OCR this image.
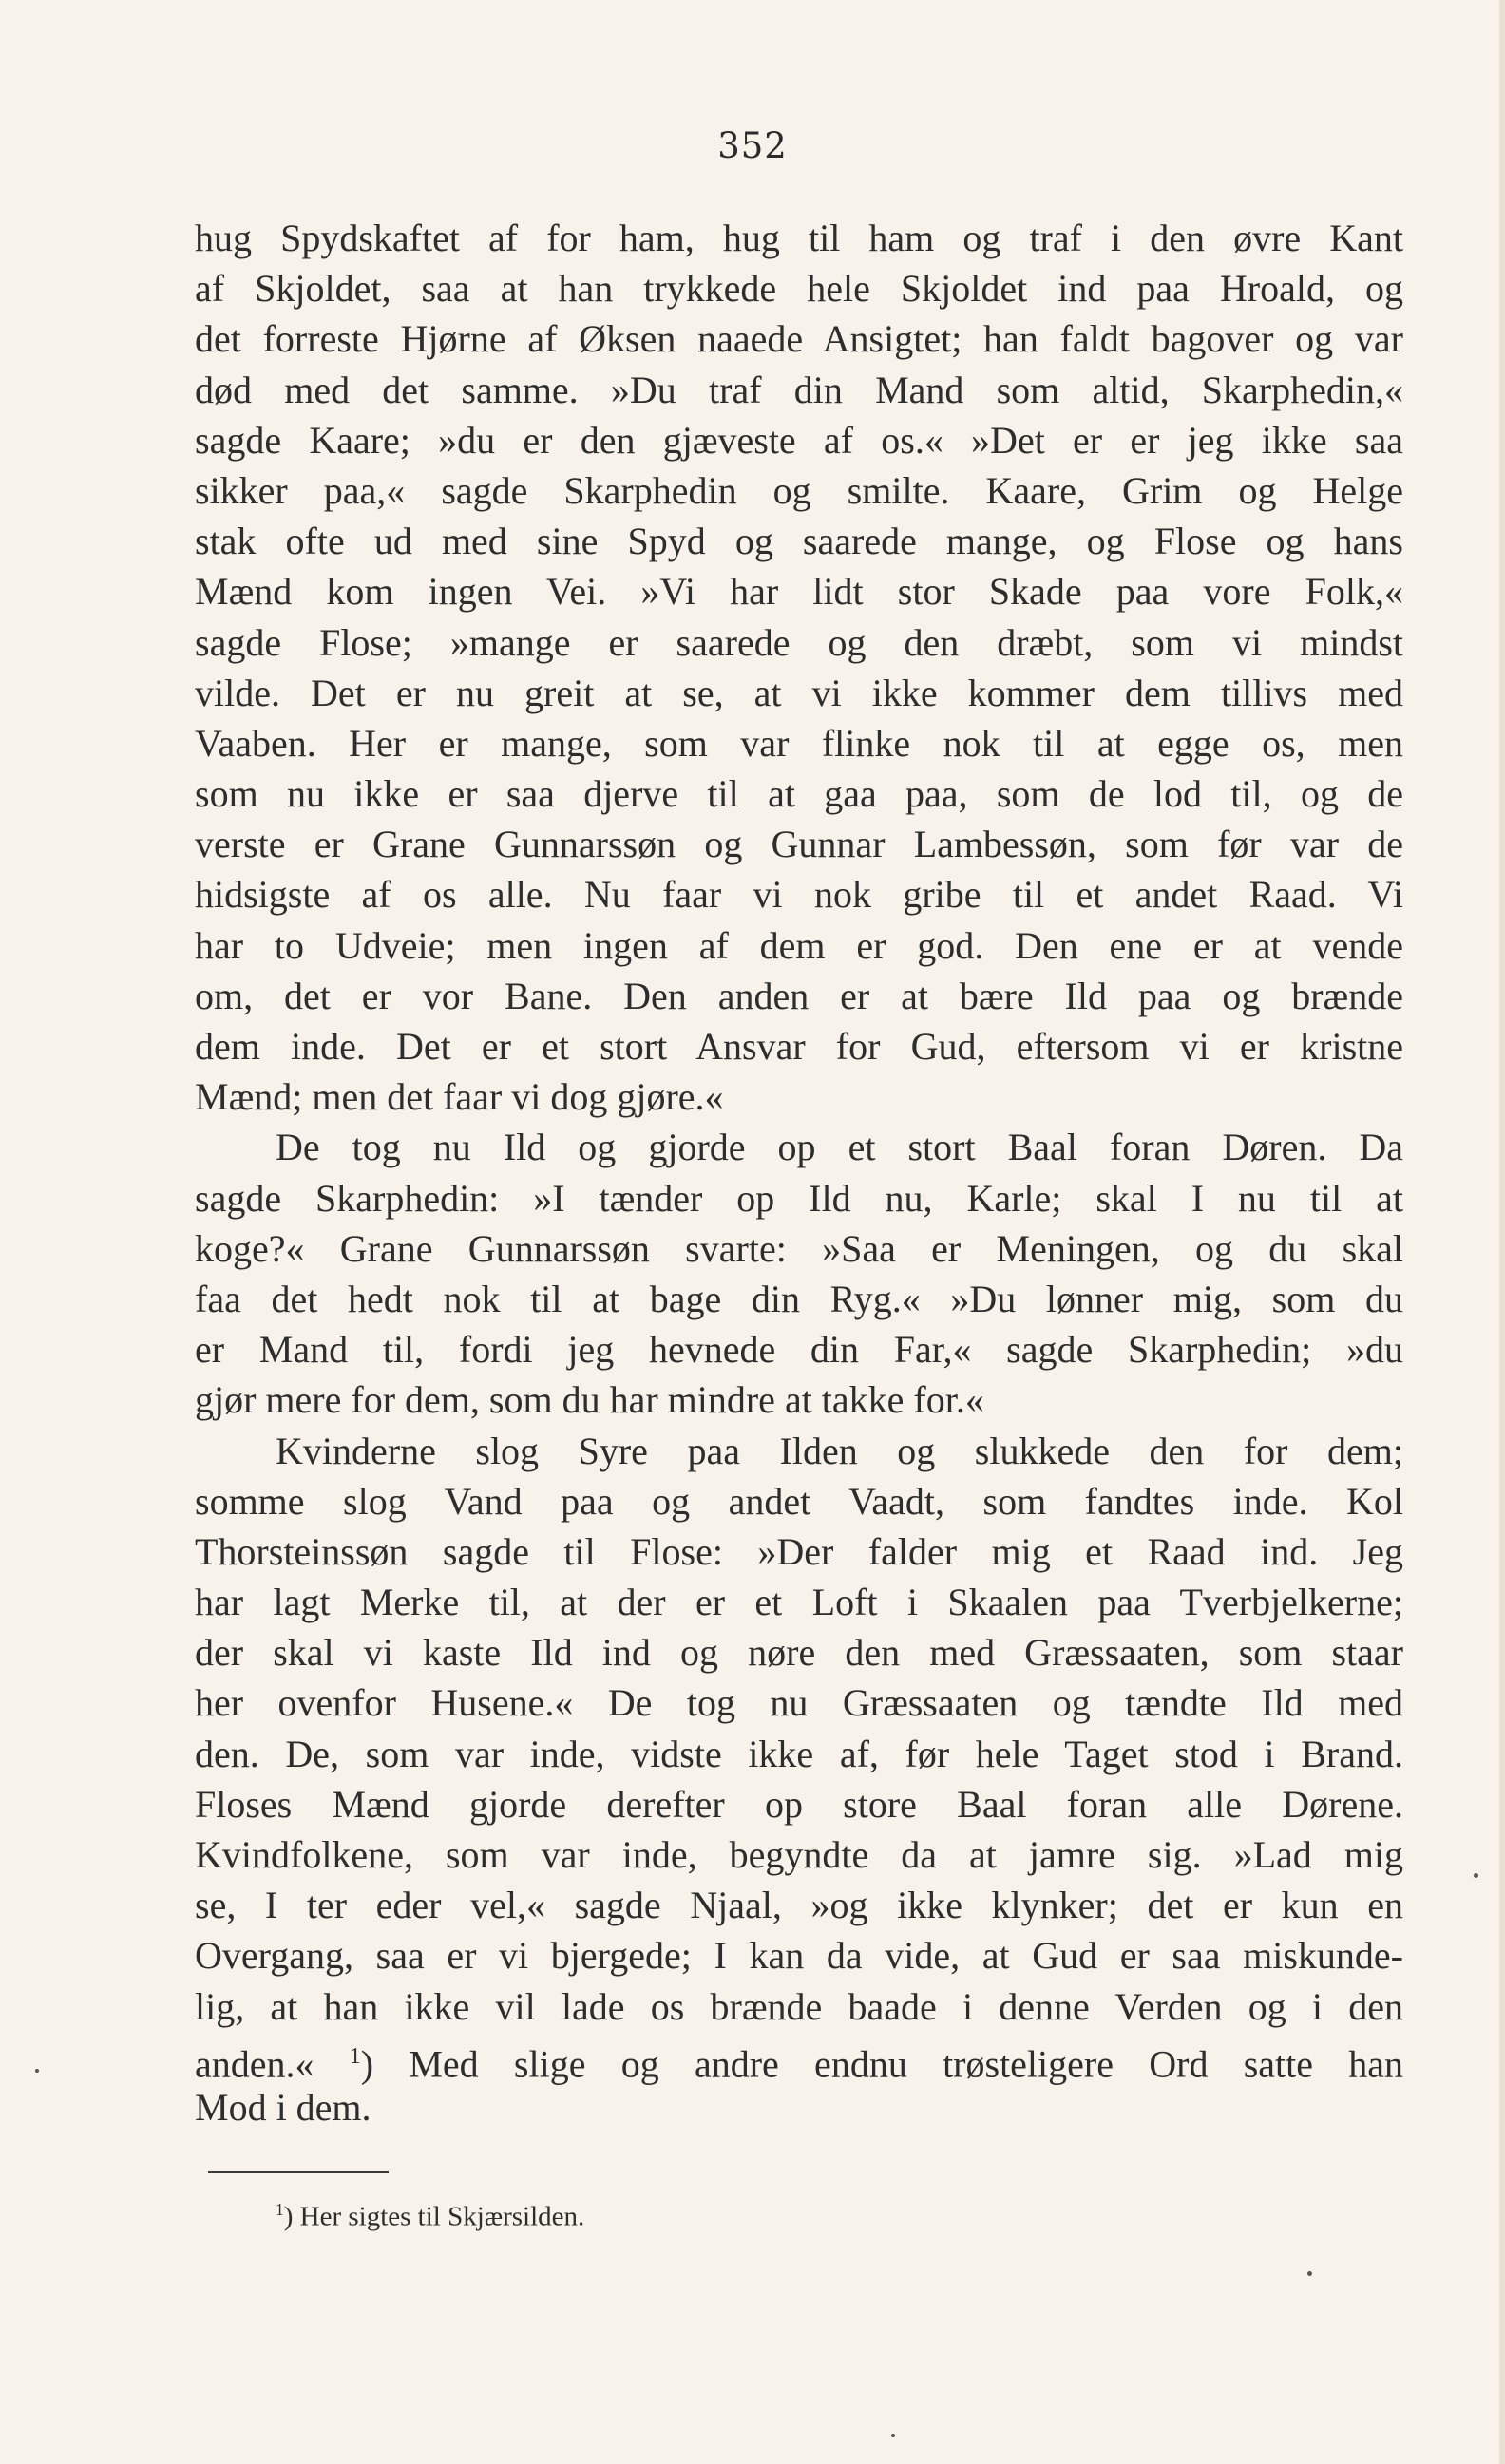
352

hug Spydskaftet af for ham, hug til ham og traf i den øvre Kant
af Skjoldet, saa at han trykkede hele Skjoldet ind paa Hroald, og
det forreste Hjørne af Øksen naaede Ansigtet; han faldt bagover og var
død med det samme. »Du traf din Mand som altid, Skarphedin,«
sagde Kaare; »du er den gjæveste af os.« »Det er er jeg ikke saa
sikker paa,« sagde Skarphedin og smilte. Kaare, Grim og Helge
stak ofte ud med sine Spyd og saarede mange, og Flose og hans
Mænd kom ingen Vei. »Vi har lidt stor Skade paa vore Folk,«
sagde Flose; »mange er saarede og den dræbt, som vi mindst
vilde. Det er nu greit at se, at vi ikke kommer dem tillivs med
Vaaben. Her er mange, som var flinke nok til at egge os, men
som nu ikke er saa djerve til at gaa paa, som de lod til, og de
verste er Grane Gunnarssøn og Gunnar Lambessøn, som før var de
hidsigste af os alle. Nu faar vi nok gribe til et andet Raad. Vi
har to Udveie; men ingen af dem er god. Den ene er at vende
om, det er vor Bane. Den anden er at bære Ild paa og brænde
dem inde. Det er et stort Ansvar for Gud, eftersom vi er kristne
Mænd; men det faar vi dog gjøre.«

De tog nu Ild og gjorde op et stort Baal foran Døren. Da
sagde Skarphedin: »I tænder op Ild nu, Karle; skal I nu til at
koge?« Grane Gunnarssøn svarte: »Saa er Meningen, og du skal
faa det hedt nok til at bage din Ryg.« »Du lønner mig, som du
er Mand til, fordi jeg hevnede din Far,« sagde Skarphedin; »du
gjør mere for dem, som du har mindre at takke for.«

Kvinderne slog Syre paa Ilden og slukkede den for dem;
somme slog Vand paa og andet Vaadt, som fandtes inde. Kol
Thorsteinssøn sagde til Flose: »Der falder mig et Raad ind. Jeg
har lagt Merke til, at der er et Loft i Skaalen paa Tverbjelkerne;
der skal vi kaste Ild ind og nøre den med Græssaaten, som staar
her ovenfor Husene.« De tog nu Græssaaten og tændte Ild med
den. De, som var inde, vidste ikke af, før hele Taget stod i Brand.
Floses Mænd gjorde derefter op store Baal foran alle Dørene.
Kvindfolkene, som var inde, begyndte da at jamre sig. »Lad mig
se, I ter eder vel,« sagde Njaal, »og ikke klynker; det er kun en
Overgang, saa er vi bjergede; I kan da vide, at Gud er saa miskunde-
lig, at han ikke vil lade os brænde baade i denne Verden og i den
anden.« $^1$) Med slige og andre endnu trøsteligere Ord satte han
Mod i dem.

$^1$) Her sigtes til Skjærsilden.
